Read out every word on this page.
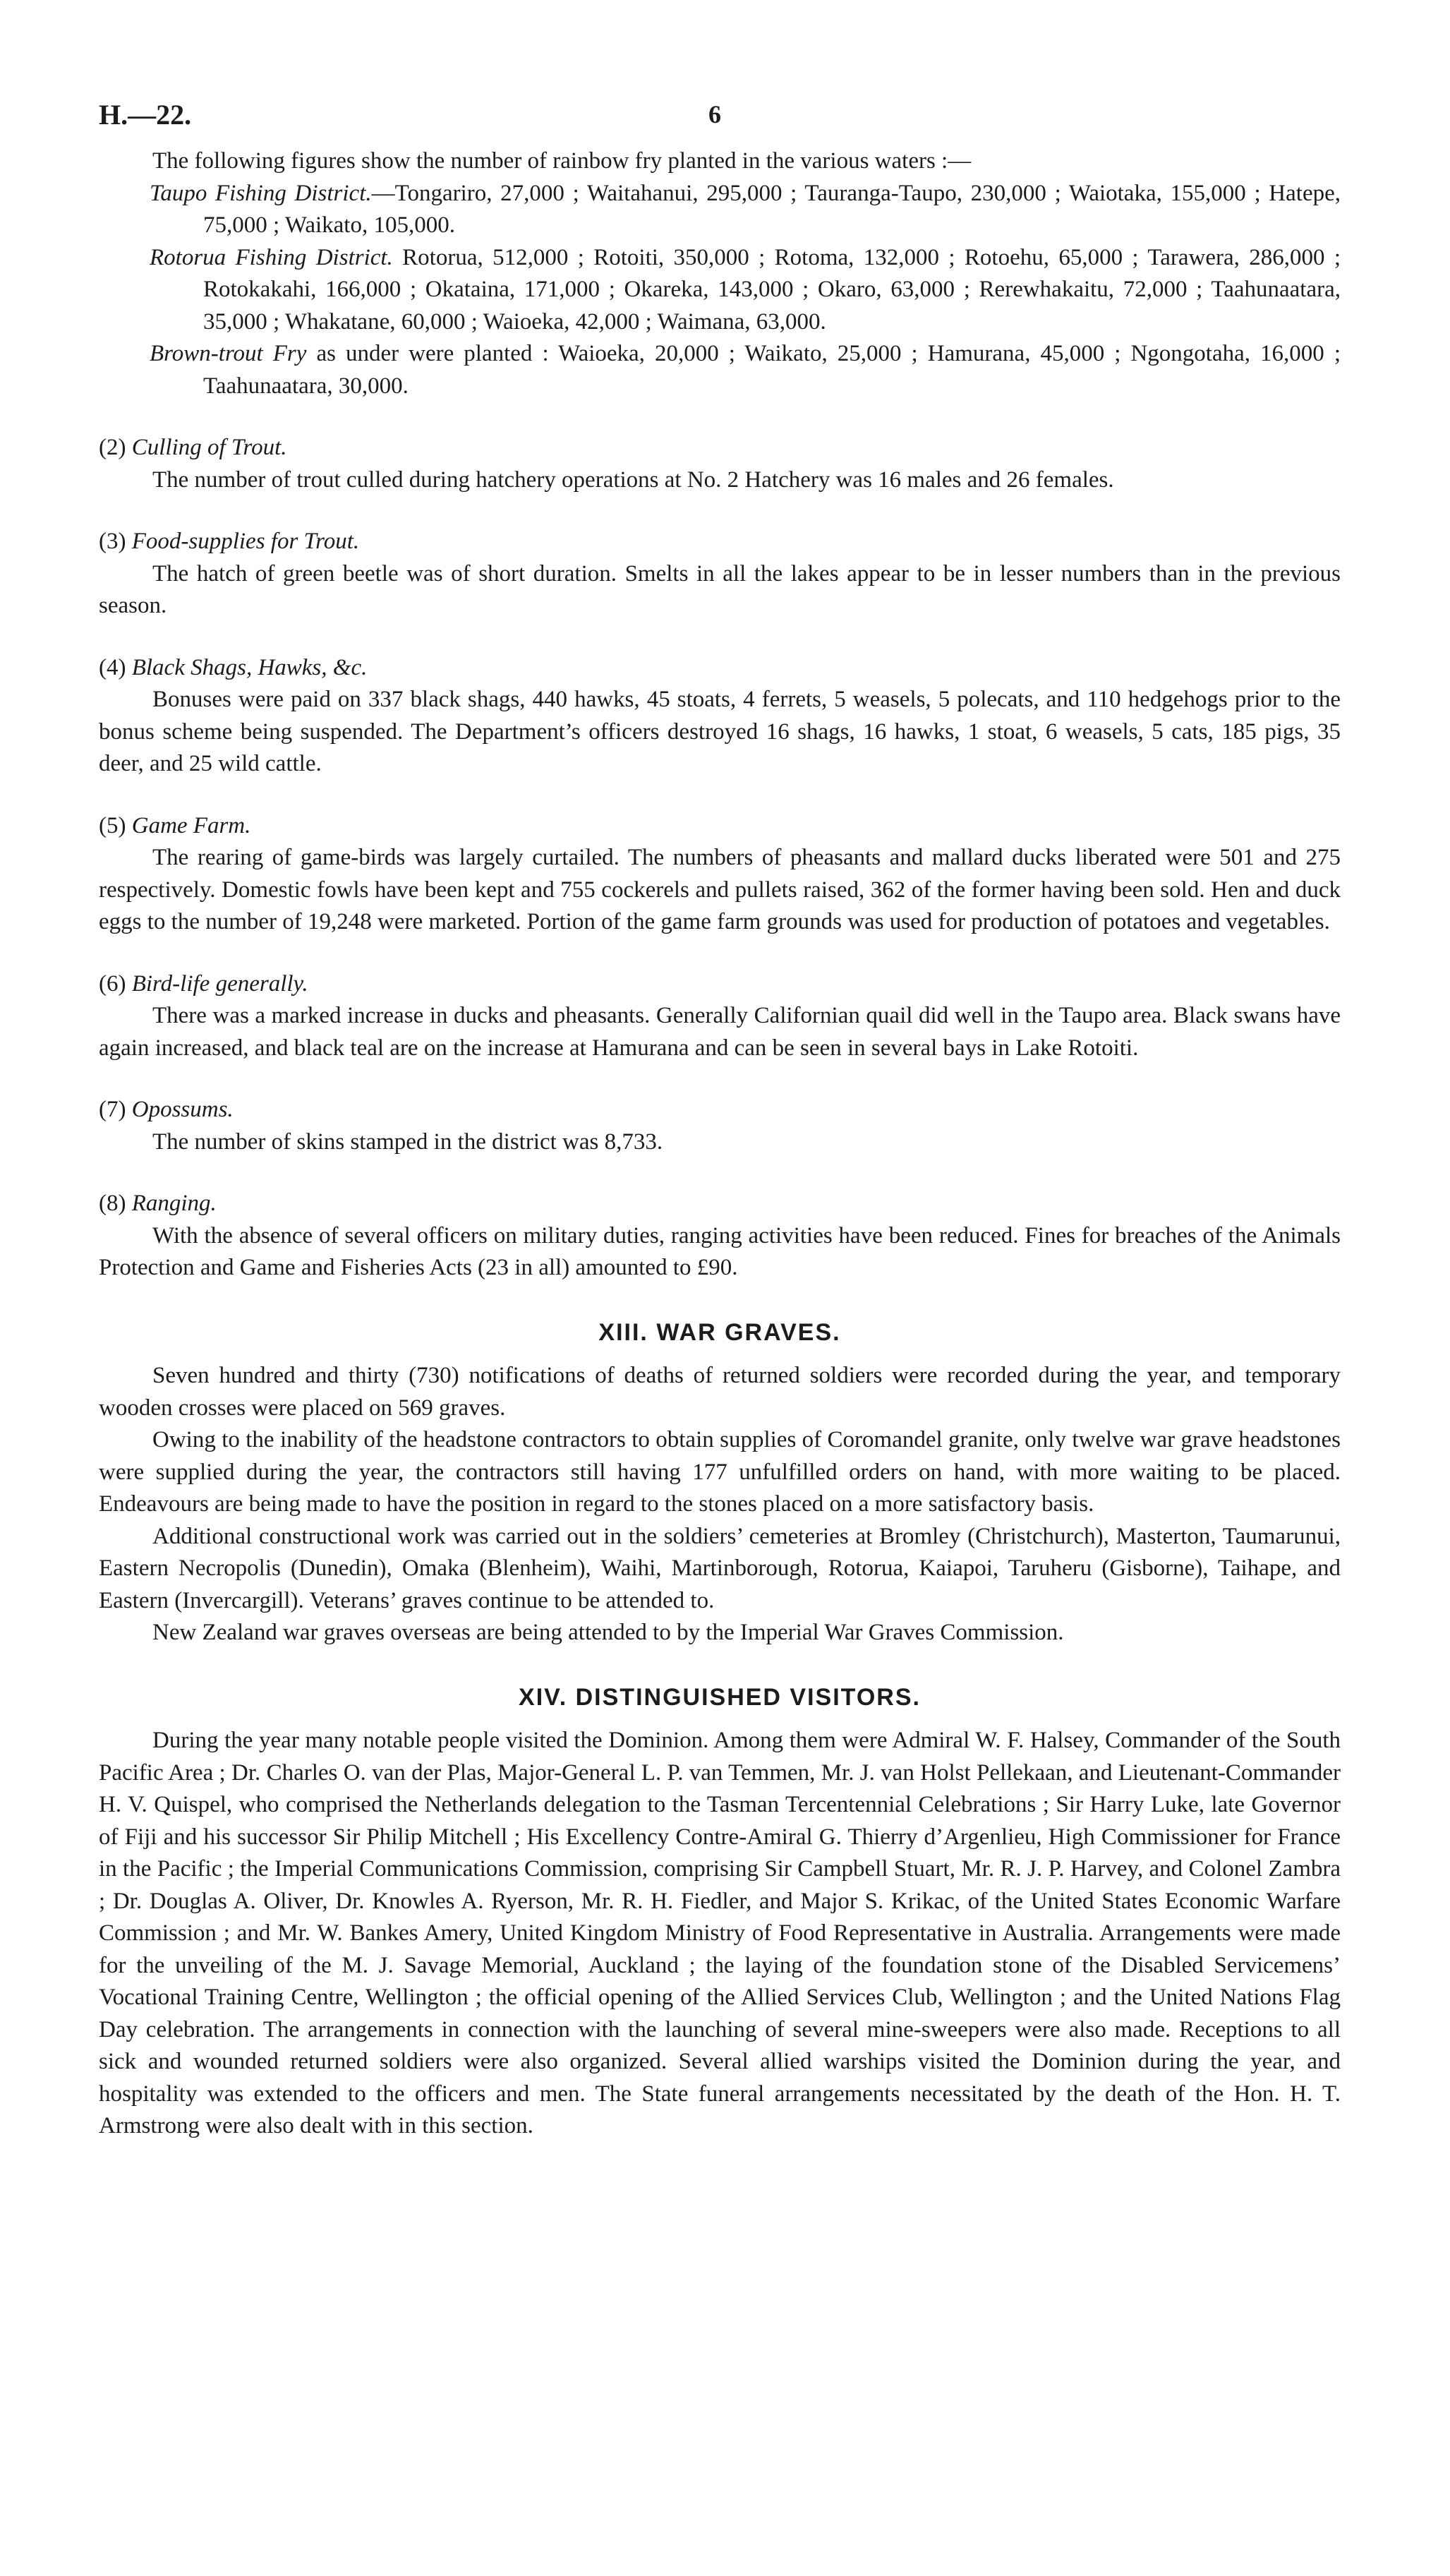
H.—22.	6

The following figures show the number of rainbow fry planted in the various waters :—

Taupo Fishing District.—Tongariro, 27,000 ; Waitahanui, 295,000 ; Tauranga-Taupo, 230,000 ; Waiotaka, 155,000 ; Hatepe, 75,000 ; Waikato, 105,000.

Rotorua Fishing District. Rotorua, 512,000 ; Rotoiti, 350,000 ; Rotoma, 132,000 ; Rotoehu, 65,000 ; Tarawera, 286,000 ; Rotokakahi, 166,000 ; Okataina, 171,000 ; Okareka, 143,000 ; Okaro, 63,000 ; Rerewhakaitu, 72,000 ; Taahunaatara, 35,000 ; Whakatane, 60,000 ; Waioeka, 42,000 ; Waimana, 63,000.

Brown-trout Fry as under were planted : Waioeka, 20,000 ; Waikato, 25,000 ; Hamurana, 45,000 ; Ngongotaha, 16,000 ; Taahunaatara, 30,000.

(2) Culling of Trout.

The number of trout culled during hatchery operations at No. 2 Hatchery was 16 males and 26 females.

(3) Food-supplies for Trout.

The hatch of green beetle was of short duration. Smelts in all the lakes appear to be in lesser numbers than in the previous season.

(4) Black Shags, Hawks, &c.

Bonuses were paid on 337 black shags, 440 hawks, 45 stoats, 4 ferrets, 5 weasels, 5 polecats, and 110 hedgehogs prior to the bonus scheme being suspended. The Department’s officers destroyed 16 shags, 16 hawks, 1 stoat, 6 weasels, 5 cats, 185 pigs, 35 deer, and 25 wild cattle.

(5) Game Farm.

The rearing of game-birds was largely curtailed. The numbers of pheasants and mallard ducks liberated were 501 and 275 respectively. Domestic fowls have been kept and 755 cockerels and pullets raised, 362 of the former having been sold. Hen and duck eggs to the number of 19,248 were marketed. Portion of the game farm grounds was used for production of potatoes and vegetables.

(6) Bird-life generally.

There was a marked increase in ducks and pheasants. Generally Californian quail did well in the Taupo area. Black swans have again increased, and black teal are on the increase at Hamurana and can be seen in several bays in Lake Rotoiti.

(7) Opossums.

The number of skins stamped in the district was 8,733.

(8) Ranging.

With the absence of several officers on military duties, ranging activities have been reduced. Fines for breaches of the Animals Protection and Game and Fisheries Acts (23 in all) amounted to £90.

XIII. WAR GRAVES.

Seven hundred and thirty (730) notifications of deaths of returned soldiers were recorded during the year, and temporary wooden crosses were placed on 569 graves.

Owing to the inability of the headstone contractors to obtain supplies of Coromandel granite, only twelve war grave headstones were supplied during the year, the contractors still having 177 unfulfilled orders on hand, with more waiting to be placed. Endeavours are being made to have the position in regard to the stones placed on a more satisfactory basis.

Additional constructional work was carried out in the soldiers’ cemeteries at Bromley (Christchurch), Masterton, Taumarunui, Eastern Necropolis (Dunedin), Omaka (Blenheim), Waihi, Martinborough, Rotorua, Kaiapoi, Taruheru (Gisborne), Taihape, and Eastern (Invercargill). Veterans’ graves continue to be attended to.

New Zealand war graves overseas are being attended to by the Imperial War Graves Commission.

XIV. DISTINGUISHED VISITORS.

During the year many notable people visited the Dominion. Among them were Admiral W. F. Halsey, Commander of the South Pacific Area ; Dr. Charles O. van der Plas, Major-General L. P. van Temmen, Mr. J. van Holst Pellekaan, and Lieutenant-Commander H. V. Quispel, who comprised the Netherlands delegation to the Tasman Tercentennial Celebrations ; Sir Harry Luke, late Governor of Fiji and his successor Sir Philip Mitchell ; His Excellency Contre-Amiral G. Thierry d’Argenlieu, High Commissioner for France in the Pacific ; the Imperial Communications Commission, comprising Sir Campbell Stuart, Mr. R. J. P. Harvey, and Colonel Zambra ; Dr. Douglas A. Oliver, Dr. Knowles A. Ryerson, Mr. R. H. Fiedler, and Major S. Krikac, of the United States Economic Warfare Commission ; and Mr. W. Bankes Amery, United Kingdom Ministry of Food Representative in Australia. Arrangements were made for the unveiling of the M. J. Savage Memorial, Auckland ; the laying of the foundation stone of the Disabled Servicemens’ Vocational Training Centre, Wellington ; the official opening of the Allied Services Club, Wellington ; and the United Nations Flag Day celebration. The arrangements in connection with the launching of several mine-sweepers were also made. Receptions to all sick and wounded returned soldiers were also organized. Several allied warships visited the Dominion during the year, and hospitality was extended to the officers and men. The State funeral arrangements necessitated by the death of the Hon. H. T. Armstrong were also dealt with in this section.
